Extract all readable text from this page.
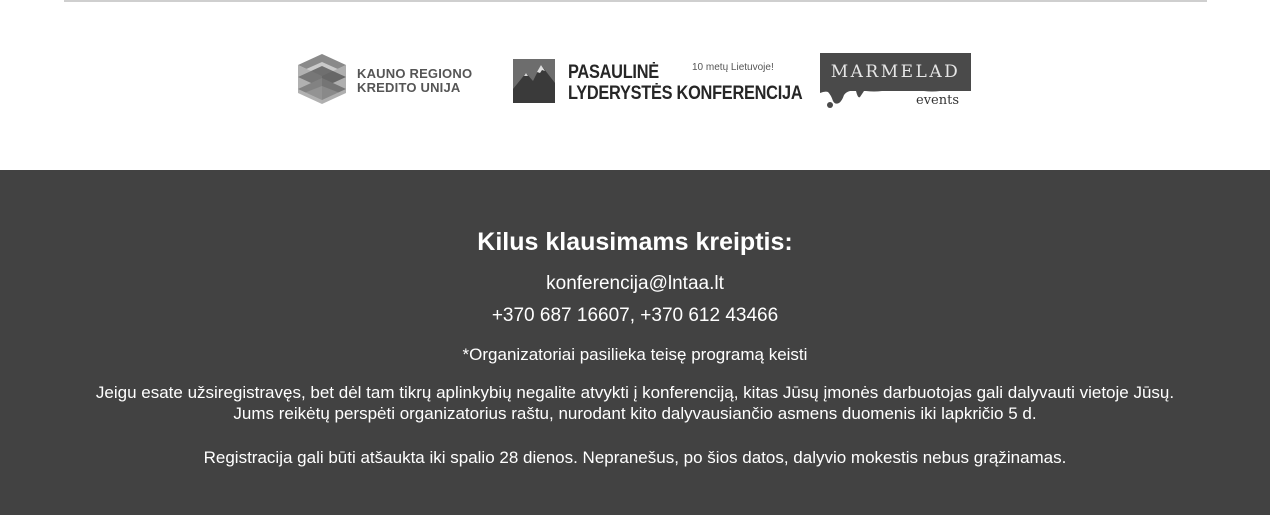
KAUNO REGIONO
KREDITO UNIJA
PASAULINĖ
LYDERYSTĖS KONFERENCIJA
10 metų Lietuvoje!	MARMELAD
events
Kilus klausimams kreiptis:
konferencija@lntaa.lt
+370 687 16607, +370 612 43466
*Organizatoriai pasilieka teisę programą keisti

Jeigu esate užsiregistravęs, bet dėl tam tikrų aplinkybių negalite atvykti į konferenciją, kitas Jūsų įmonės darbuotojas gali dalyvauti vietoje Jūsų. Jums reikėtų perspėti organizatorius raštu, nurodant kito dalyvausiančio asmens duomenis iki lapkričio 5 d.

Registracija gali būti atšaukta iki spalio 28 dienos. Nepranešus, po šios datos, dalyvio mokestis nebus grąžinamas.
